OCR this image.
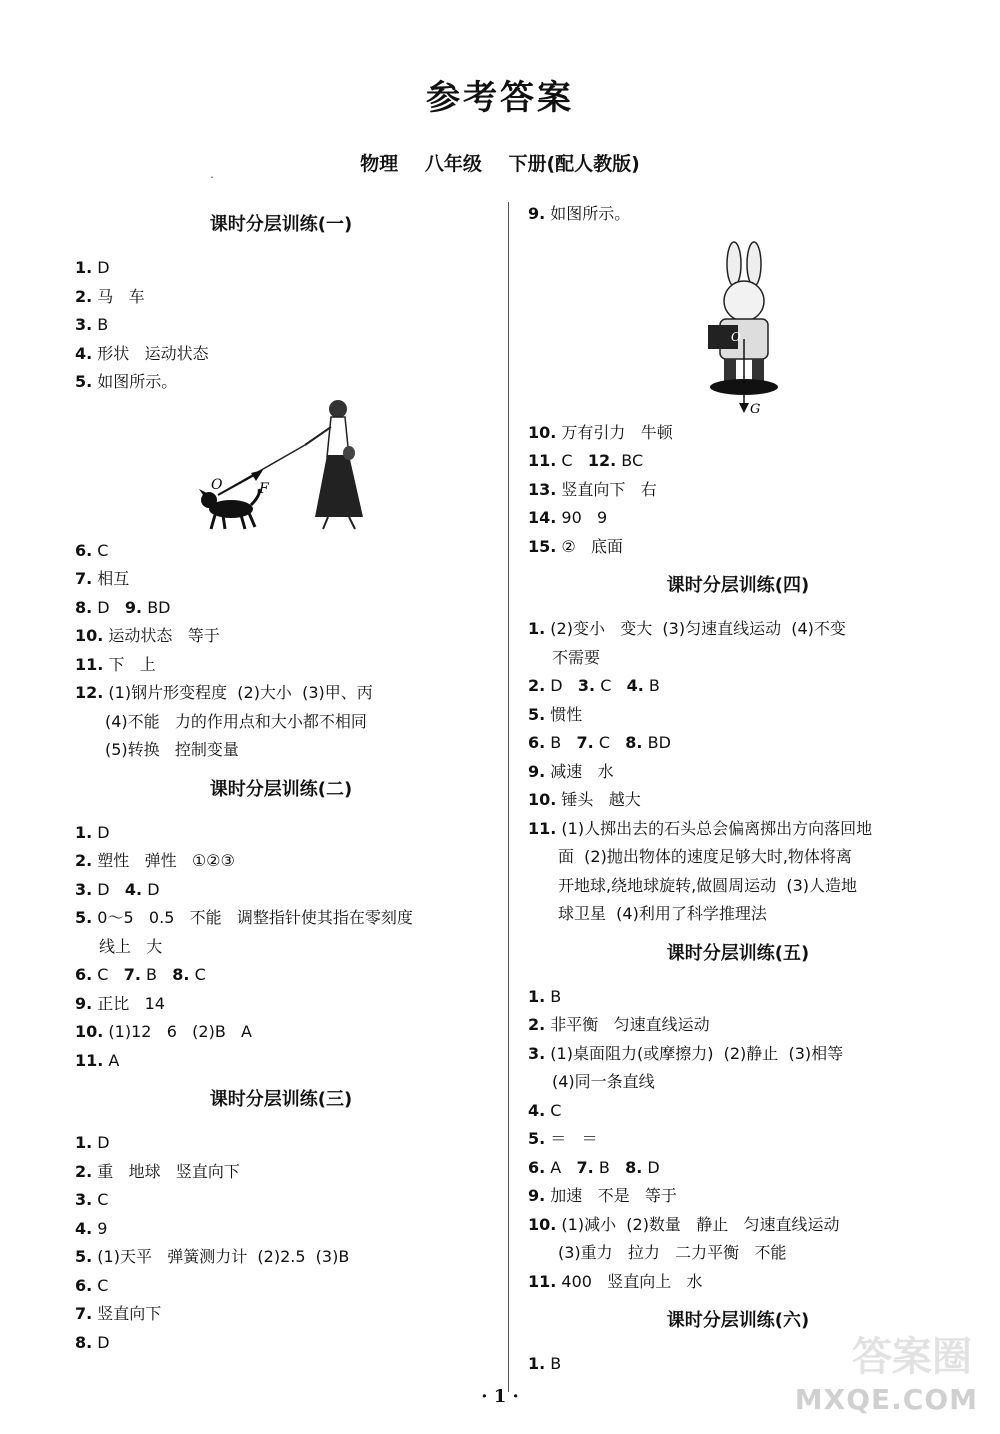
参考答案
物理 八年级 下册(配人教版)
ˇ
课时分层训练(一)
1. D
2. 马   车
3. B
4. 形状   运动状态
5. 如图所示。
O	F
6. C
7. 相互
8. D   9. BD
10. 运动状态   等于
11. 下   上
12. (1)钢片形变程度  (2)大小  (3)甲、丙
(4)不能   力的作用点和大小都不相同
(5)转换   控制变量
课时分层训练(二)
1. D
2. 塑性   弹性   ①②③
3. D   4. D
5. 0～5   0.5   不能   调整指针使其指在零刻度
线上   大
6. C   7. B   8. C
9. 正比   14
10. (1)12   6   (2)B   A
11. A
课时分层训练(三)
1. D
2. 重   地球   竖直向下
3. C
4. 9
5. (1)天平   弹簧测力计  (2)2.5  (3)B
6. C
7. 竖直向下
8. D
9. 如图所示。
O
G
10. 万有引力   牛顿
11. C   12. BC
13. 竖直向下   右
14. 90   9
15. ②   底面
课时分层训练(四)
1. (2)变小   变大  (3)匀速直线运动  (4)不变
不需要
2. D   3. C   4. B
5. 惯性
6. B   7. C   8. BD
9. 减速   水
10. 锤头   越大
11. (1)人掷出去的石头总会偏离掷出方向落回地
面  (2)抛出物体的速度足够大时,物体将离
开地球,绕地球旋转,做圆周运动  (3)人造地
球卫星  (4)利用了科学推理法
课时分层训练(五)
1. B
2. 非平衡   匀速直线运动
3. (1)桌面阻力(或摩擦力)  (2)静止  (3)相等
(4)同一条直线
4. C
5. ＝   ＝
6. A   7. B   8. D
9. 加速   不是   等于
10. (1)减小  (2)数量   静止   匀速直线运动
(3)重力   拉力   二力平衡   不能
11. 400   竖直向上   水
课时分层训练(六)
1. B
· 1 ·
答案圈
MXQE.COM
